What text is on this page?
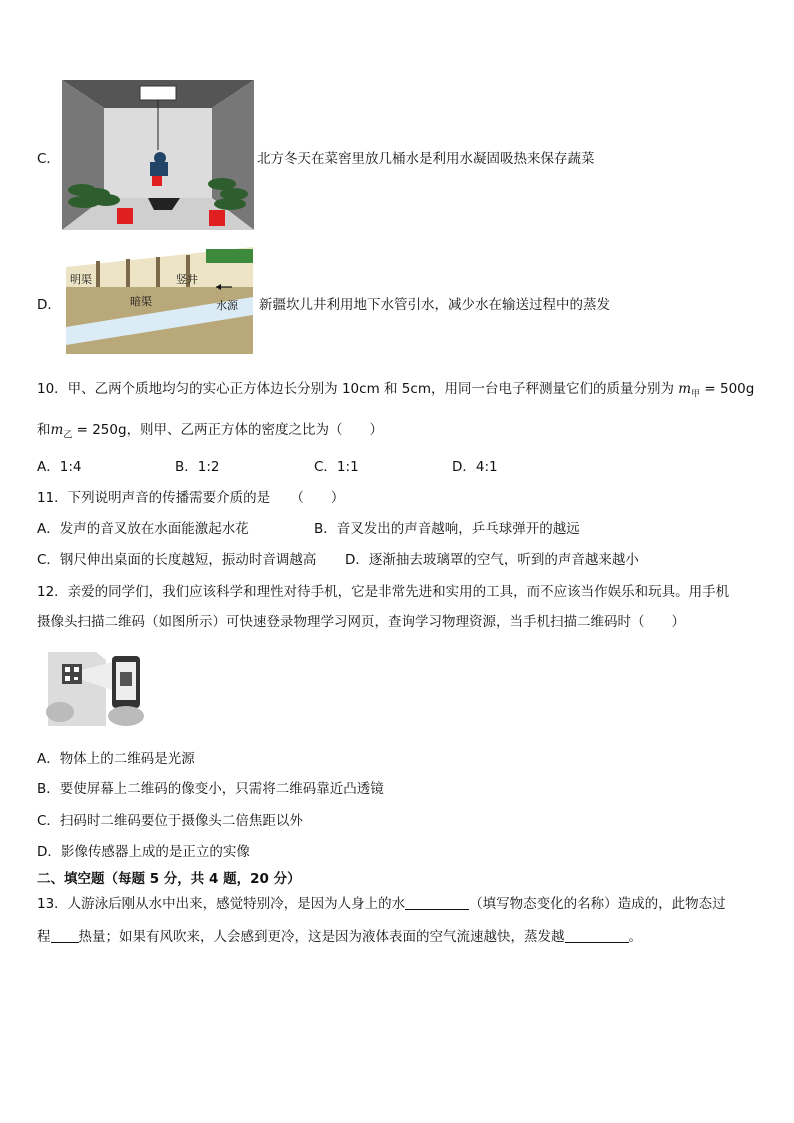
C．	北方冬天在菜窖里放几桶水是利用水凝固吸热来保存蔬菜
D．
明渠	竖井
暗渠	水源 新疆坎儿井利用地下水管引水，减少水在输送过程中的蒸发
10．甲、乙两个质地均匀的实心正方体边长分别为 10cm 和 5cm，用同一台电子秤测量它们的质量分别为 $m_甲 = 500g$
和$m_乙 = 250g$，则甲、乙两正方体的密度之比为（　　）
A．1:4	B．1:2	C．1:1	D．4:1
11．下列说明声音的传播需要介质的是　　（　　）
A．发声的音叉放在水面能激起水花	B．音叉发出的声音越响，乒乓球弹开的越远
C．钢尺伸出桌面的长度越短，振动时音调越高 D．逐渐抽去玻璃罩的空气，听到的声音越来越小
12．亲爱的同学们，我们应该科学和理性对待手机，它是非常先进和实用的工具，而不应该当作娱乐和玩具。用手机
摄像头扫描二维码（如图所示）可快速登录物理学习网页，查询学习物理资源，当手机扫描二维码时（　　）
A．物体上的二维码是光源
B．要使屏幕上二维码的像变小，只需将二维码靠近凸透镜
C．扫码时二维码要位于摄像头二倍焦距以外
D．影像传感器上成的是正立的实像
二、填空题（每题 5 分，共 4 题，20 分）
13．人游泳后刚从水中出来，感觉特别冷，是因为人身上的水	（填写物态变化的名称）造成的，此物态过
程 热量；如果有风吹来，人会感到更冷，这是因为液体表面的空气流速越快，蒸发越	。
